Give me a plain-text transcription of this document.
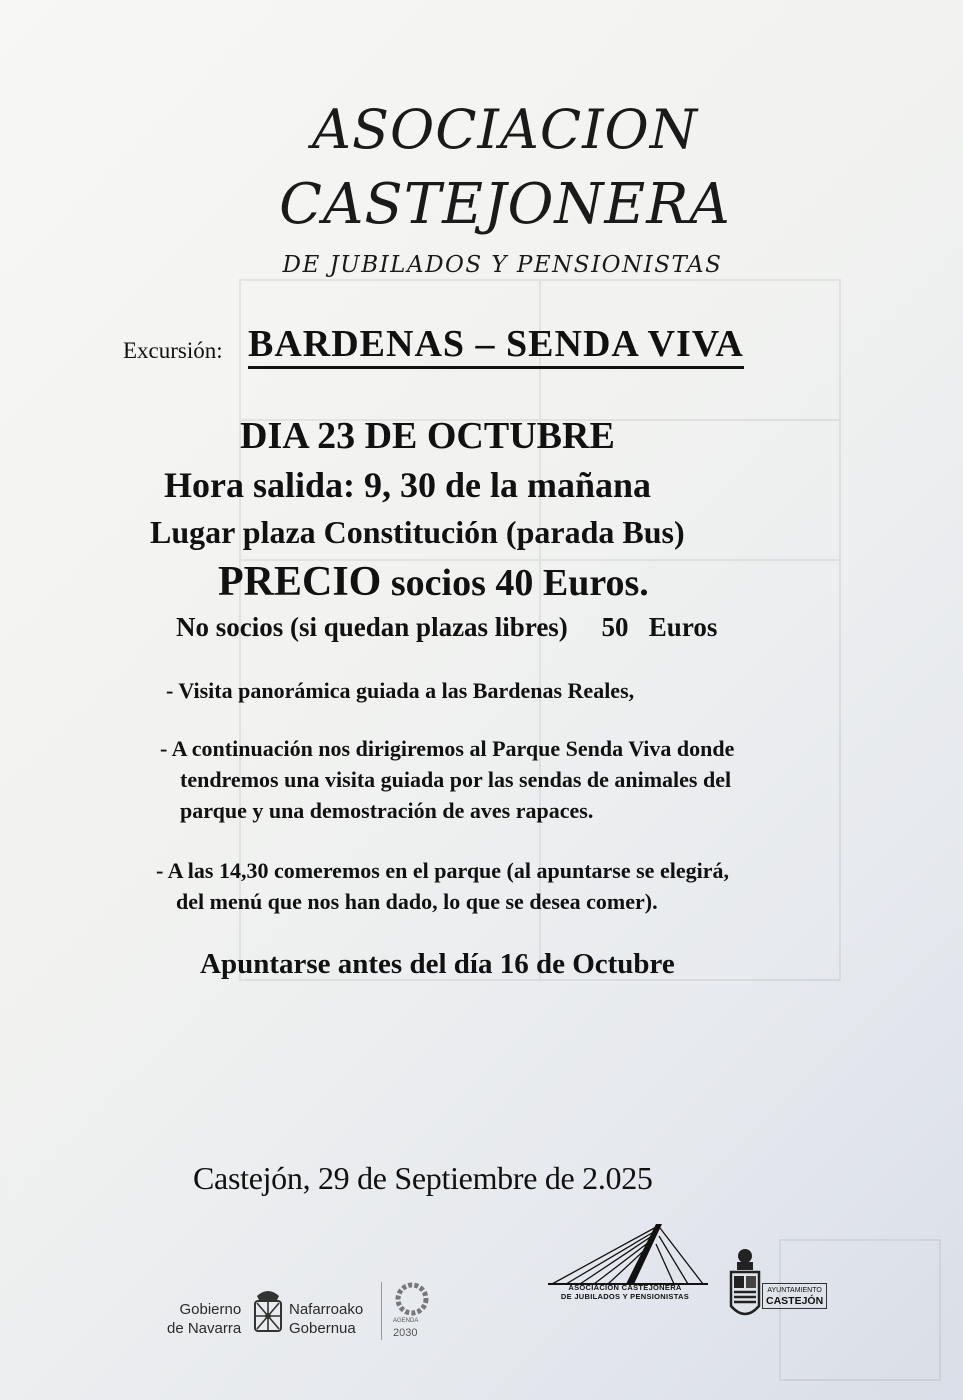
ASOCIACION
CASTEJONERA
DE JUBILADOS Y PENSIONISTAS
Excursión: BARDENAS – SENDA VIVA
DIA 23 DE OCTUBRE
Hora salida: 9, 30 de la mañana
Lugar plaza Constitución (parada Bus)
PRECIO socios 40 Euros.
No socios (si quedan plazas libres)     50   Euros
- Visita panorámica guiada a las Bardenas Reales,
- A continuación nos dirigiremos al Parque Senda Viva donde
tendremos una visita guiada por las sendas de animales del
parque y una demostración de aves rapaces.
- A las 14,30 comeremos en el parque (al apuntarse se elegirá,
del menú que nos han dado, lo que se desea comer).
Apuntarse antes del día 16 de Octubre
Castejón, 29 de Septiembre de 2.025
Gobierno
de Navarra
Nafarroako
Gobernua	AGENDA
2030
ASOCIACIÓN CASTEJONERA
DE JUBILADOS Y PENSIONISTAS
AYUNTAMIENTO
CASTEJÓN
